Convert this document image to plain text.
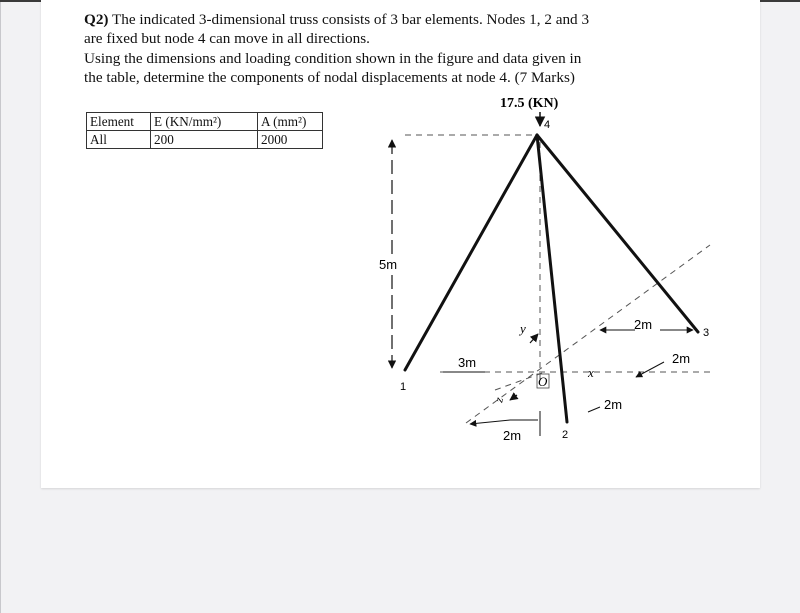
Q2) The indicated 3-dimensional truss consists of 3 bar elements. Nodes 1, 2 and 3
are fixed but node 4 can move in all directions.
Using the dimensions and loading condition shown in the figure and data given in
the table, determine the components of nodal displacements at node 4. (7 Marks)

Element	E (KN/mm²)	A (mm²)
All	200	2000
17.5 (KN)
5m
4
1
2
3
3m
y
z
x
O
2m
2m
2m
2m
